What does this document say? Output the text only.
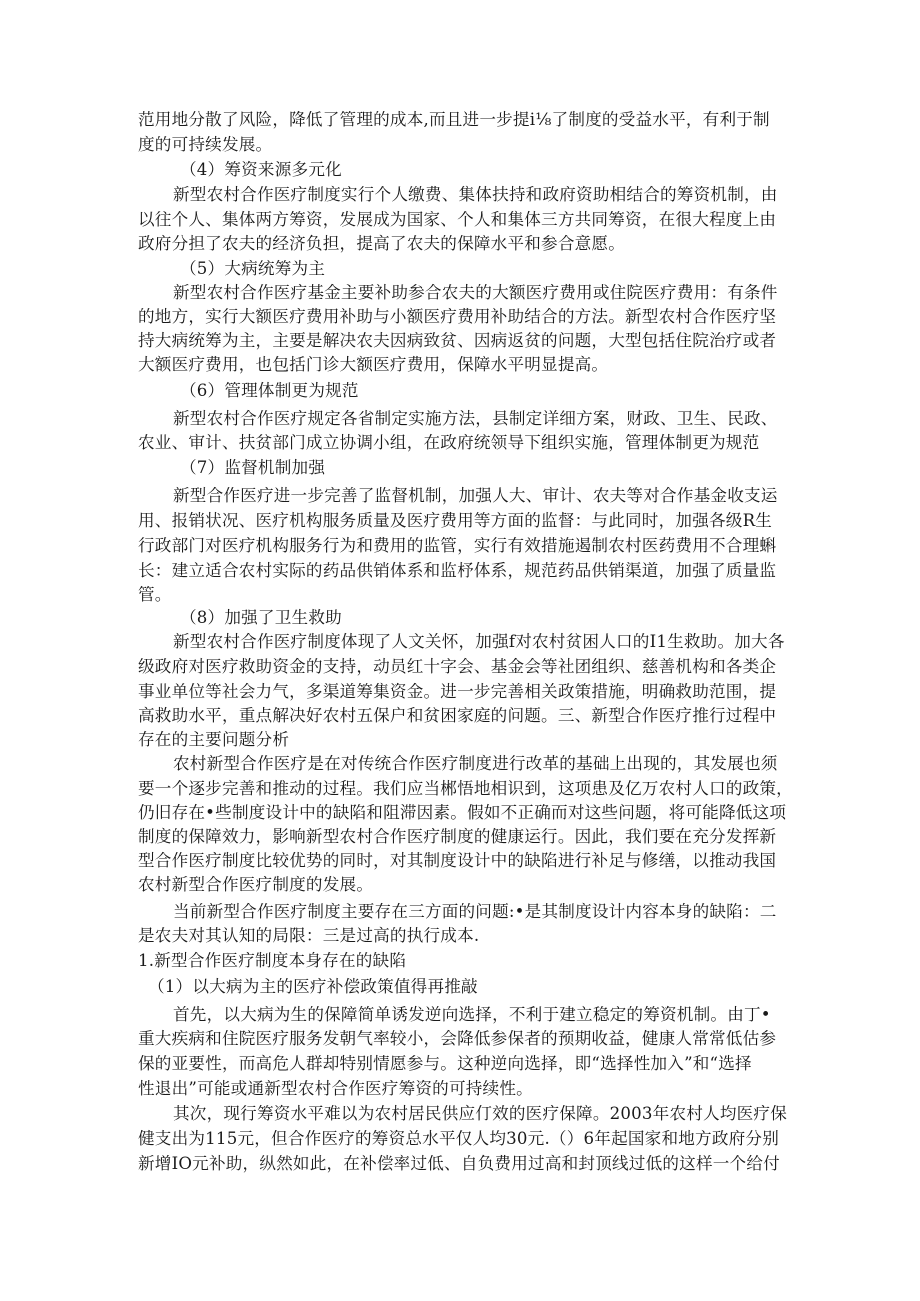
范用地分散了风险，降低了管理的成本,而且进一步提i⅛了制度的受益水平，有利于制
度的可持续发展。
（4）筹资来源多元化
新型农村合作医疗制度实行个人缴费、集体扶持和政府资助相结合的筹资机制，由
以往个人、集体两方筹资，发展成为国家、个人和集体三方共同筹资，在很大程度上由
政府分担了农夫的经济负担，提高了农夫的保障水平和参合意愿。
（5）大病统筹为主
新型农村合作医疗基金主要补助参合农夫的大额医疗费用或住院医疗费用：有条件
的地方，实行大额医疗费用补助与小额医疗费用补助结合的方法。新型农村合作医疗坚
持大病统筹为主，主要是解决农夫因病致贫、因病返贫的问题，大型包括住院治疗或者
大额医疗费用，也包括门诊大额医疗费用，保障水平明显提高。
（6）管理体制更为规范
新型农村合作医疗规定各省制定实施方法，县制定详细方案，财政、卫生、民政、
农业、审计、扶贫部门成立协调小组，在政府统领导下组织实施，管理体制更为规范
（7）监督机制加强
新型合作医疗进一步完善了监督机制，加强人大、审计、农夫等对合作基金收支运
用、报销状况、医疗机构服务质量及医疗费用等方面的监督：与此同时，加强各级R生
行政部门对医疗机构服务行为和费用的监管，实行有效措施遏制农村医药费用不合理蝌
长：建立适合农村实际的药品供销体系和监杼体系，规范药品供销渠道，加强了质量监
管。
（8）加强了卫生救助
新型农村合作医疗制度体现了人文关怀，加强f对农村贫困人口的I1生救助。加大各
级政府对医疗救助资金的支持，动员红十字会、基金会等社团组织、慈善机构和各类企
事业单位等社会力气，多渠道筹集资金。进一步完善相关政策措施，明确救助范围，提
高救助水平，重点解决好农村五保户和贫困家庭的问题。三、新型合作医疗推行过程中
存在的主要问题分析
农村新型合作医疗是在对传统合作医疗制度进行改革的基础上出现的，其发展也须
要一个逐步完善和推动的过程。我们应当郴悟地相识到，这项患及亿万农村人口的政策，
仍旧存在•些制度设计中的缺陷和阻滞因素。假如不正确而对这些问题，将可能降低这项
制度的保障效力，影响新型农村合作医疗制度的健康运行。因此，我们要在充分发挥新
型合作医疗制度比较优势的同时，对其制度设计中的缺陷进行补足与修缮，以推动我国
农村新型合作医疗制度的发展。
当前新型合作医疗制度主要存在三方面的问题:•是其制度设计内容本身的缺陷：二
是农夫对其认知的局限：三是过高的执行成本.
1.新型合作医疗制度本身存在的缺陷
（1）以大病为主的医疗补偿政策值得再推敲
首先，以大病为生的保障简单诱发逆向选择，不利于建立稳定的筹资机制。由丁•
重大疾病和住院医疗服务发朝气率较小，会降低参保者的预期收益，健康人常常低估参
保的亚要性，而高危人群却特别情愿参与。这种逆向选择，即“选择性加入”和“选择
性退出”可能或通新型农村合作医疗筹资的可持续性。
其次，现行筹资水平难以为农村居民供应仃效的医疗保障。2003年农村人均医疗保
健支出为115元，但合作医疗的筹资总水平仅人均30元.（）6年起国家和地方政府分别
新增IO元补助，纵然如此，在补偿率过低、自负费用过高和封顶线过低的这样一个给付
